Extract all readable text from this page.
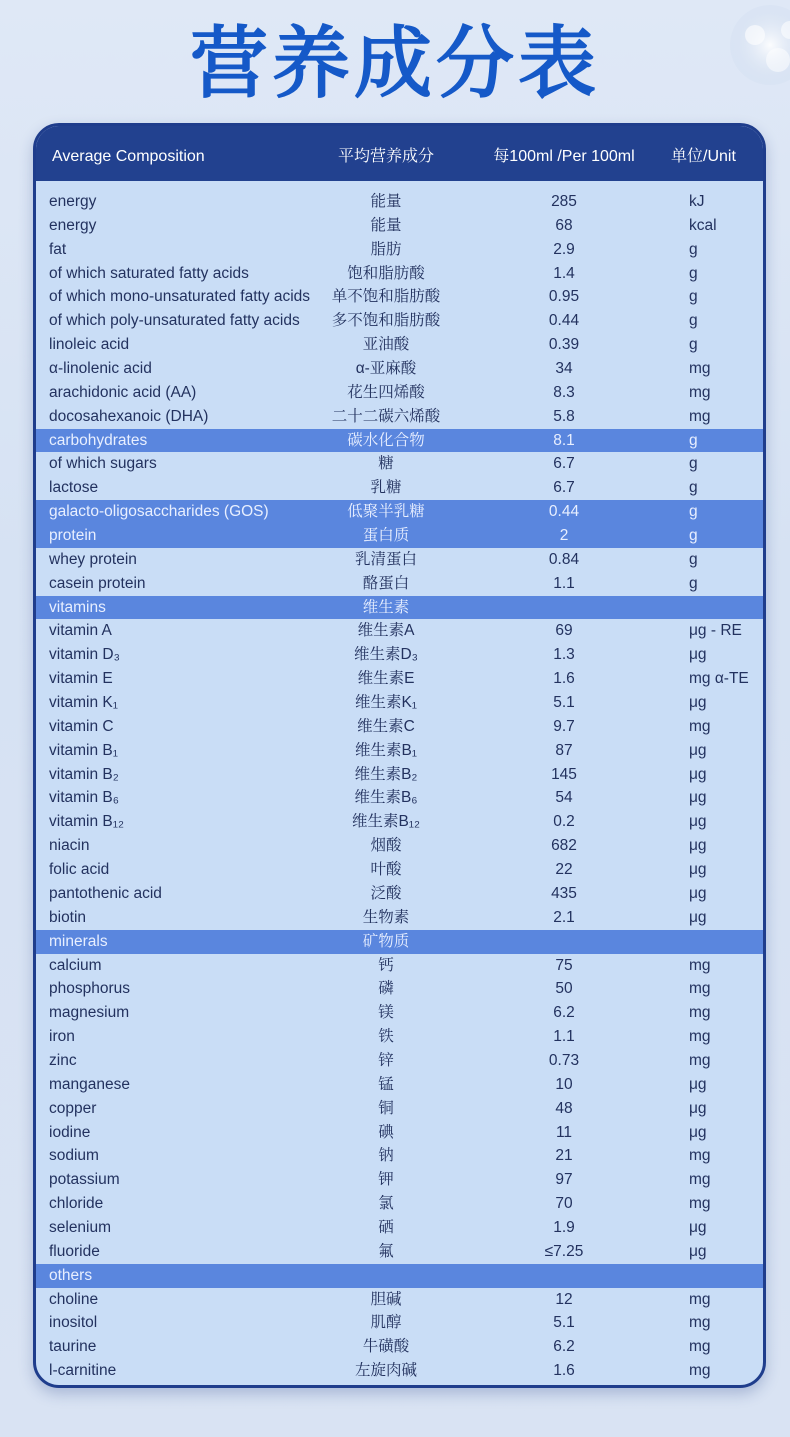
营养成分表
Average Composition	平均营养成分	每100ml /Per 100ml	单位/Unit
energy	能量	285	kJ
energy	能量	68	kcal
fat	脂肪	2.9	g
of which saturated fatty acids	饱和脂肪酸	1.4	g
of which mono-unsaturated fatty acids	单不饱和脂肪酸	0.95	g
of which poly-unsaturated fatty acids	多不饱和脂肪酸	0.44	g
linoleic acid	亚油酸	0.39	g
α-linolenic acid	α-亚麻酸	34	mg
arachidonic acid (AA)	花生四烯酸	8.3	mg
docosahexanoic (DHA)	二十二碳六烯酸	5.8	mg
carbohydrates	碳水化合物	8.1	g
of which sugars	糖	6.7	g
lactose	乳糖	6.7	g
galacto-oligosaccharides (GOS)	低聚半乳糖	0.44	g
protein	蛋白质	2	g
whey protein	乳清蛋白	0.84	g
casein protein	酪蛋白	1.1	g
vitamins	维生素
vitamin A	维生素A	69	μg - RE
vitamin D₃	维生素D₃	1.3	μg
vitamin E	维生素E	1.6	mg α-TE
vitamin K₁	维生素K₁	5.1	μg
vitamin C	维生素C	9.7	mg
vitamin B₁	维生素B₁	87	μg
vitamin B₂	维生素B₂	145	μg
vitamin B₆	维生素B₆	54	μg
vitamin B₁₂	维生素B₁₂	0.2	μg
niacin	烟酸	682	μg
folic acid	叶酸	22	μg
pantothenic acid	泛酸	435	μg
biotin	生物素	2.1	μg
minerals	矿物质
calcium	钙	75	mg
phosphorus	磷	50	mg
magnesium	镁	6.2	mg
iron	铁	1.1	mg
zinc	锌	0.73	mg
manganese	锰	10	μg
copper	铜	48	μg
iodine	碘	11	μg
sodium	钠	21	mg
potassium	钾	97	mg
chloride	氯	70	mg
selenium	硒	1.9	μg
fluoride	氟	≤7.25	μg
others
choline	胆碱	12	mg
inositol	肌醇	5.1	mg
taurine	牛磺酸	6.2	mg
l-carnitine	左旋肉碱	1.6	mg
